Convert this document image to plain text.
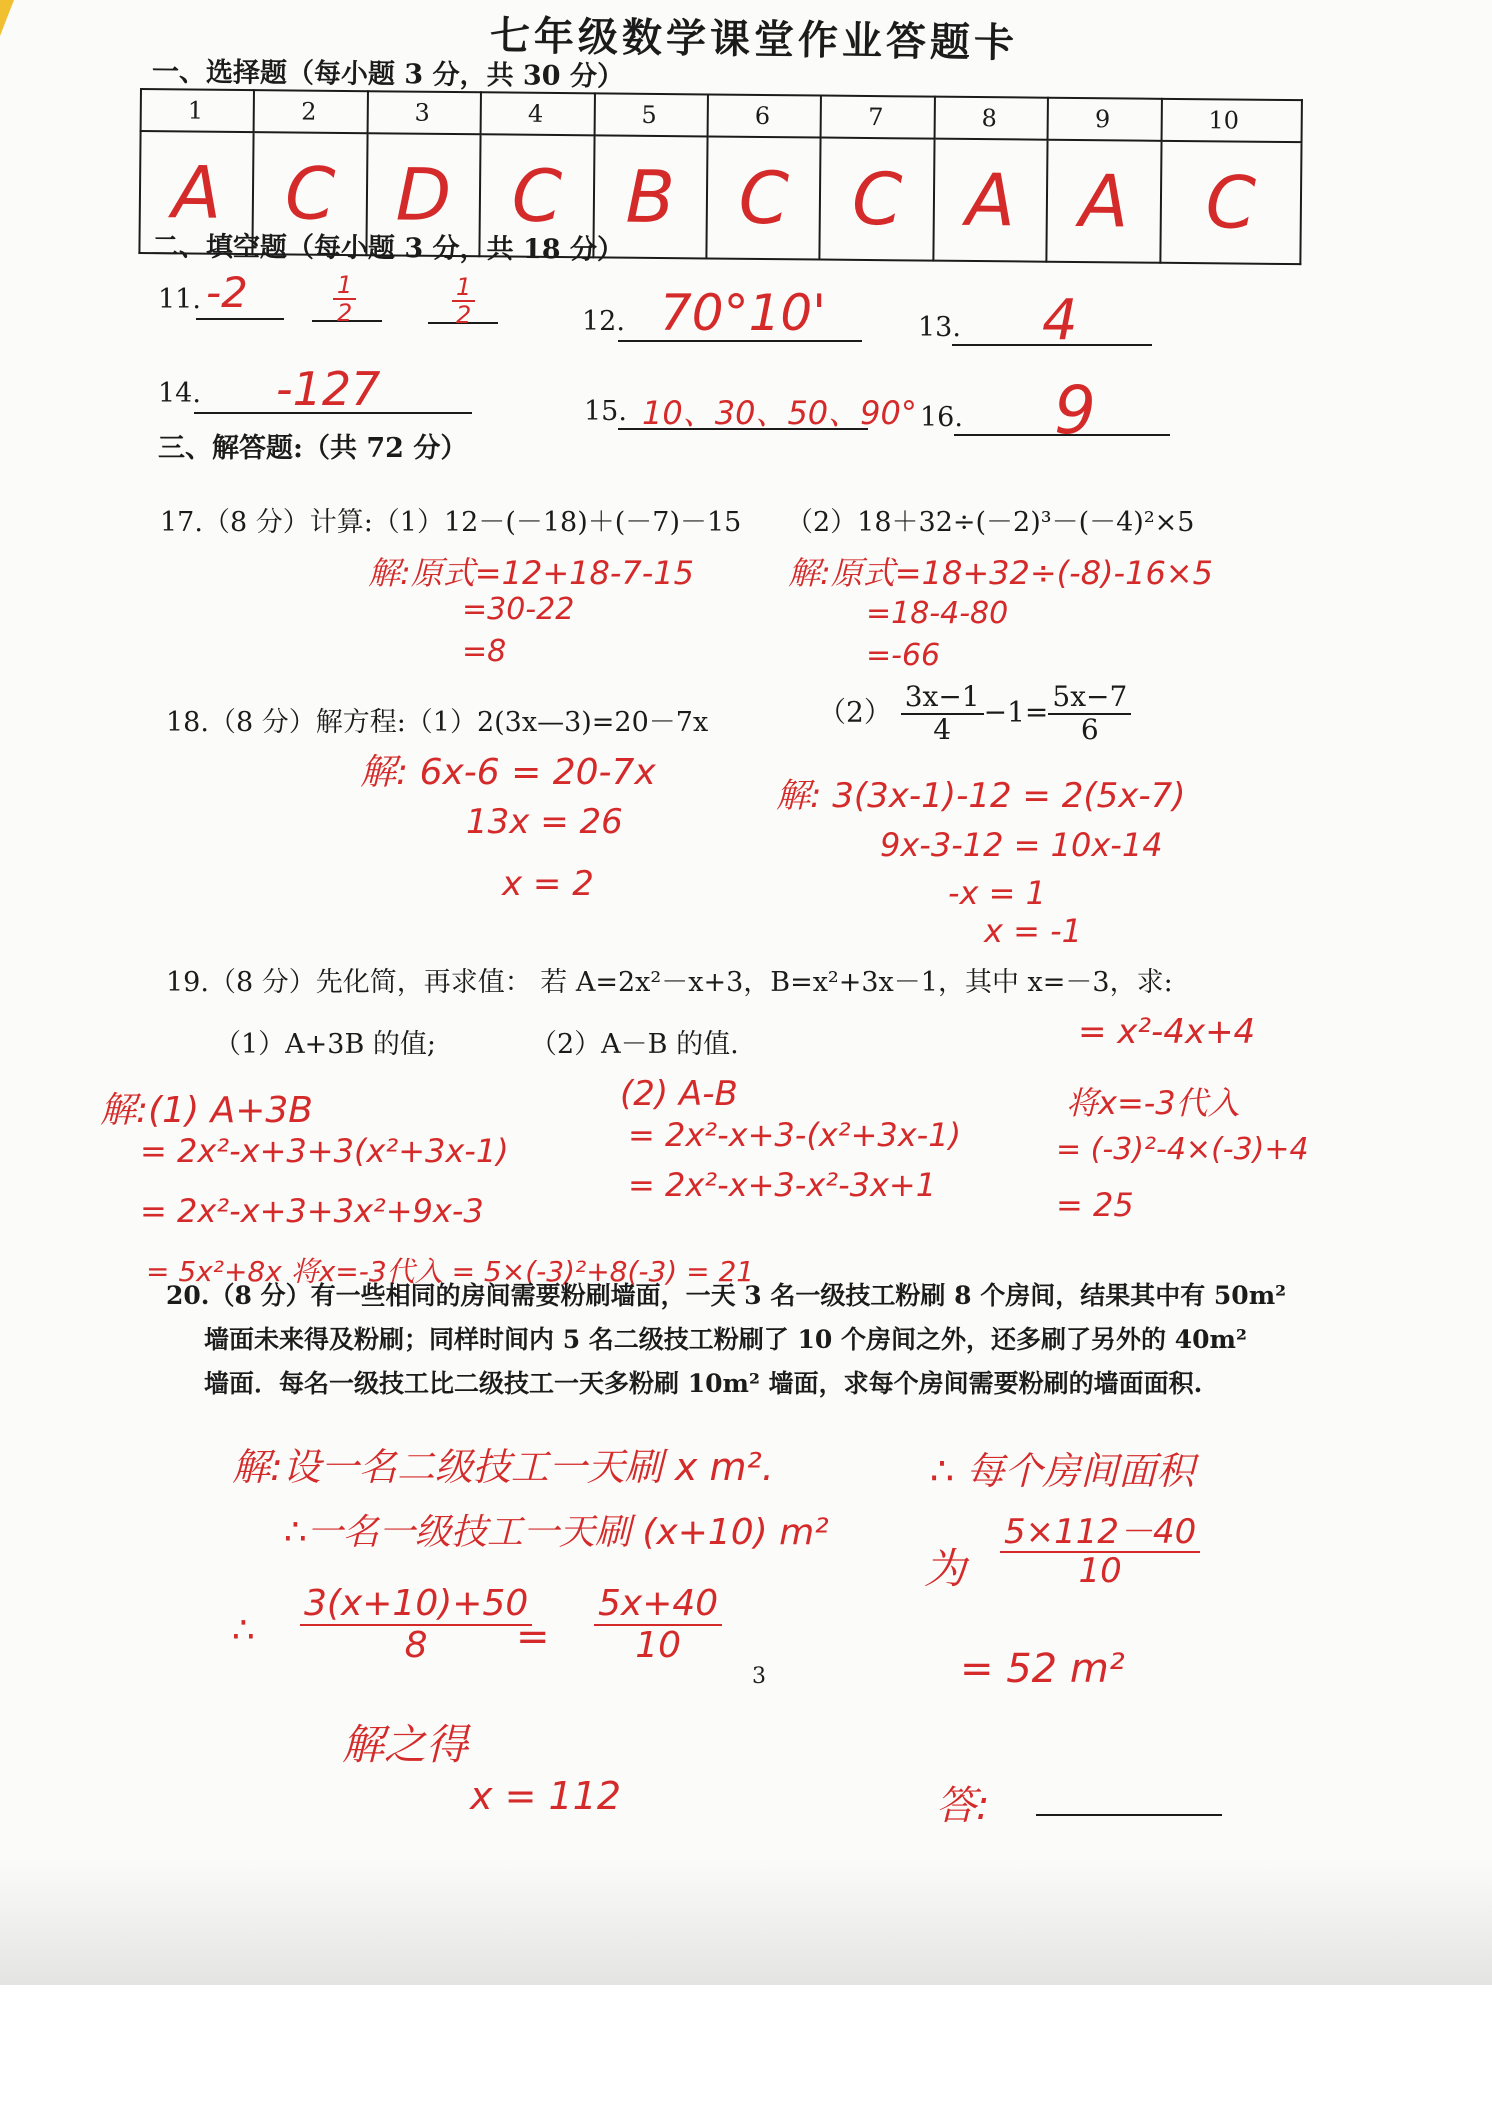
七年级数学课堂作业答题卡
一、选择题（每小题 3 分，共 30 分）
1	2	3	4	5	6	7	8	9	10
A	C	D	C	B	C	C	A	A	C
二、填空题（每小题 3 分，共 18 分）
11. -2	$\frac{1}{2}$	$\frac{1}{2}$	12. 70°10'	13. 4
14. -127	15. 10、30、50、90° 16. 9
三、解答题:（共 72 分）
17.（8 分）计算:（1）12－(－18)＋(－7)－15 （2）18＋32÷(－2)³－(－4)²×5
解:原式=12+18-7-15
=30-22
=8
解:原式=18+32÷(-8)-16×5
=18-4-80
=-66
18.（8 分）解方程:（1）2(3x—3)=20－7x	$(2) \frac{3x-1}{4} -1= \frac{5x-7}{6}$
解: 6x-6 = 20-7x
13x = 26
x = 2
解: 3(3x-1)-12 = 2(5x-7)
9x-3-12 = 10x-14
-x = 1
x = -1
19.（8 分）先化简，再求值： 若 A=2x²－x+3，B=x²+3x－1，其中 x=－3，求:
（1）A+3B 的值;	（2）A－B 的值.
解:(1) A+3B
= 2x²-x+3+3(x²+3x-1)
= 2x²-x+3+3x²+9x-3
= 5x²+8x 将x=-3代入 = 5×(-3)²+8(-3) = 21
(2) A-B
= 2x²-x+3-(x²+3x-1)
= 2x²-x+3-x²-3x+1
= x²-4x+4
将x=-3代入
= (-3)²-4×(-3)+4
= 25
20.（8 分）有一些相同的房间需要粉刷墙面，一天 3 名一级技工粉刷 8 个房间，结果其中有 50m²
墙面未来得及粉刷；同样时间内 5 名二级技工粉刷了 10 个房间之外，还多刷了另外的 40m²
墙面．每名一级技工比二级技工一天多粉刷 10m² 墙面，求每个房间需要粉刷的墙面面积.
解:设一名二级技工一天刷 x m².
∴一名一级技工一天刷 (x+10) m²
∴ $\frac{3(x+10)+50}{8}$
= $\frac{5x+40}{10}$
3
解之得
x = 112
∴ 每个房间面积
为 $\frac{5\times 112-40}{10}$
= 52 m²
答:
